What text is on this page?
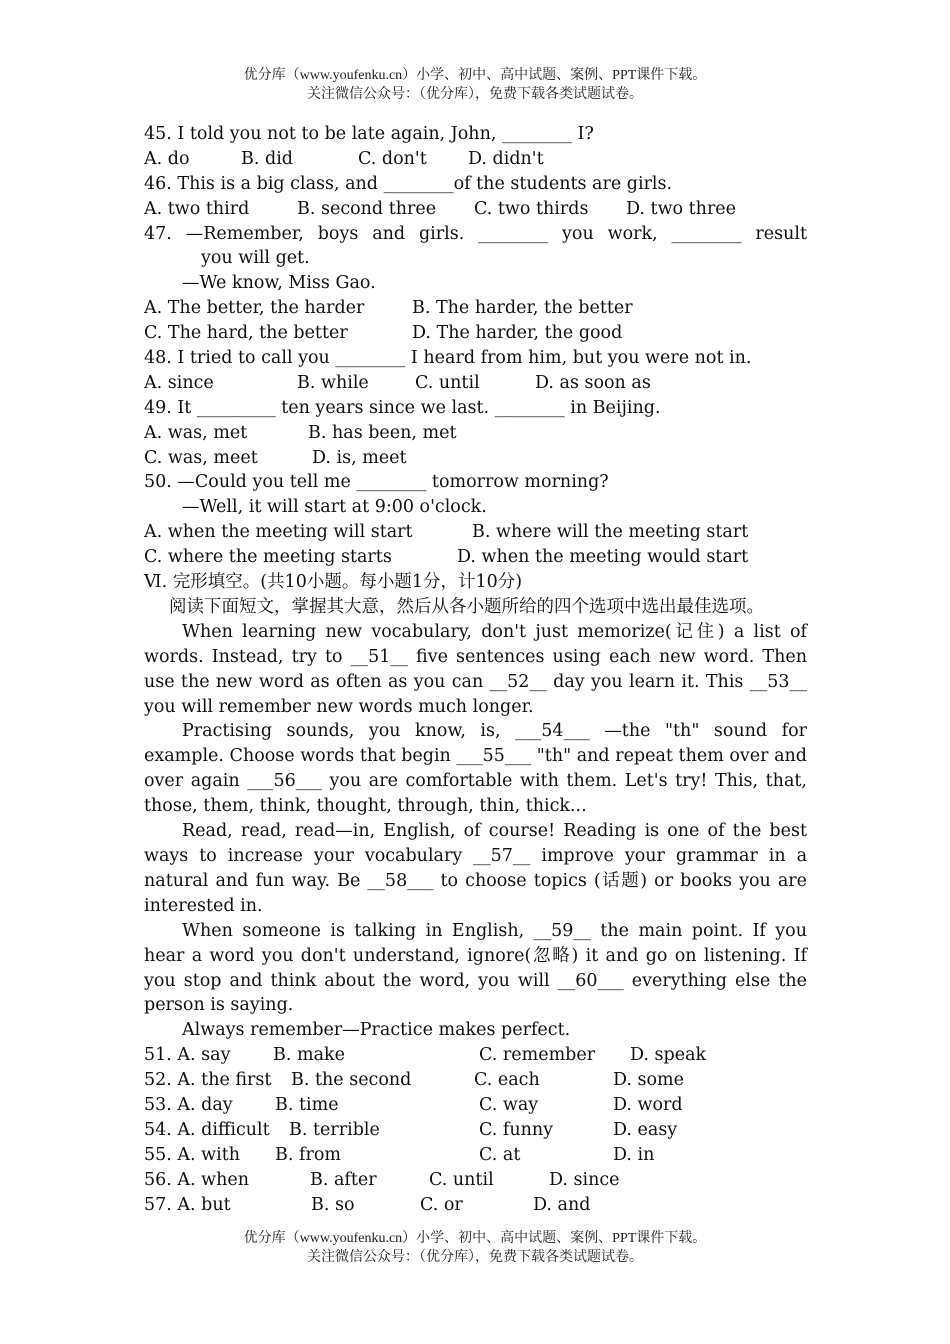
优分库（www.youfenku.cn）小学、初中、高中试题、案例、PPT课件下载。
关注微信公众号：（优分库），免费下载各类试题试卷。
45. I told you not to be late again, John, ________ I?
A. do	B. did	C. don't D. didn't
46. This is a big class, and ________of the students are girls.
A. two third	B. second three C. two thirds D. two three
47. —Remember, boys and girls. ________ you work, ________ result
you will get.
—We know, Miss Gao.
A. The better, the harder	B. The harder, the better
C. The hard, the better	D. The harder, the good
48. I tried to call you ________ I heard from him, but you were not in.
A. since	B. while	C. until	D. as soon as
49. It _________ ten years since we last. ________ in Beijing.
A. was, met	B. has been, met
C. was, meet	D. is, meet
50. —Could you tell me ________ tomorrow morning?
—Well, it will start at 9:00 o'clock.
A. when the meeting will start	B. where will the meeting start
C. where the meeting starts	D. when the meeting would start
Ⅵ. 完形填空。(共10小题。每小题1分，计10分)
阅读下面短文，掌握其大意，然后从各小题所给的四个选项中选出最佳选项。
When learning new vocabulary, don't just memorize(记住) a list of words. Instead, try to __51__ five sentences using each new word. Then use the new word as often as you can __52__ day you learn it. This __53__ you will remember new words much longer.
Practising sounds, you know, is, ___54___ —the "th" sound for example. Choose words that begin ___55___ "th" and repeat them over and over again ___56___ you are comfortable with them. Let's try! This, that, those, them, think, thought, through, thin, thick...
Read, read, read—in, English, of course! Reading is one of the best ways to increase your vocabulary __57__ improve your grammar in a natural and fun way. Be __58___ to choose topics (话题) or books you are interested in.
When someone is talking in English, __59__ the main point. If you hear a word you don't understand, ignore(忽略) it and go on listening. If you stop and think about the word, you will __60___ everything else the person is saying.
Always remember—Practice makes perfect.
51. A. say B. make	C. remember D. speak
52. A. the first B. the second	C. each	D. some
53. A. day B. time	C. way	D. word
54. A. difficult B. terrible	C. funny	D. easy
55. A. with B. from	C. at	D. in
56. A. when	B. after	C. until	D. since
57. A. but	B. so	C. or	D. and
优分库（www.youfenku.cn）小学、初中、高中试题、案例、PPT课件下载。
关注微信公众号：（优分库），免费下载各类试题试卷。
